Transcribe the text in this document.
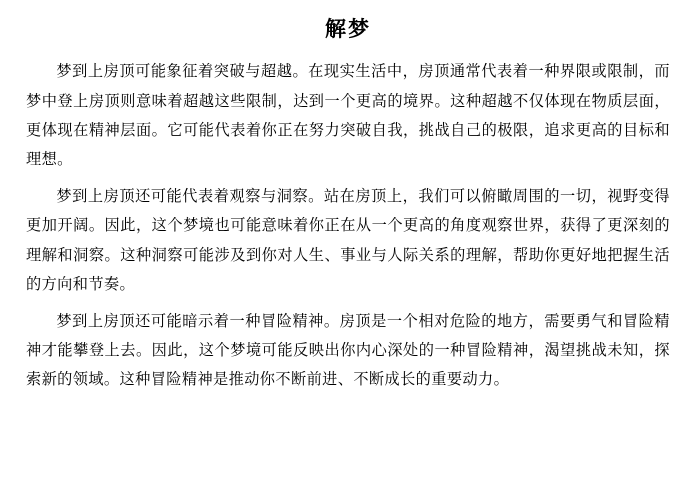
解梦

梦到上房顶可能象征着突破与超越。在现实生活中，房顶通常代表着一种界限或限制，而梦中登上房顶则意味着超越这些限制，达到一个更高的境界。这种超越不仅体现在物质层面，更体现在精神层面。它可能代表着你正在努力突破自我，挑战自己的极限，追求更高的目标和理想。

梦到上房顶还可能代表着观察与洞察。站在房顶上，我们可以俯瞰周围的一切，视野变得更加开阔。因此，这个梦境也可能意味着你正在从一个更高的角度观察世界，获得了更深刻的理解和洞察。这种洞察可能涉及到你对人生、事业与人际关系的理解，帮助你更好地把握生活的方向和节奏。

梦到上房顶还可能暗示着一种冒险精神。房顶是一个相对危险的地方，需要勇气和冒险精神才能攀登上去。因此，这个梦境可能反映出你内心深处的一种冒险精神，渴望挑战未知，探索新的领域。这种冒险精神是推动你不断前进、不断成长的重要动力。
